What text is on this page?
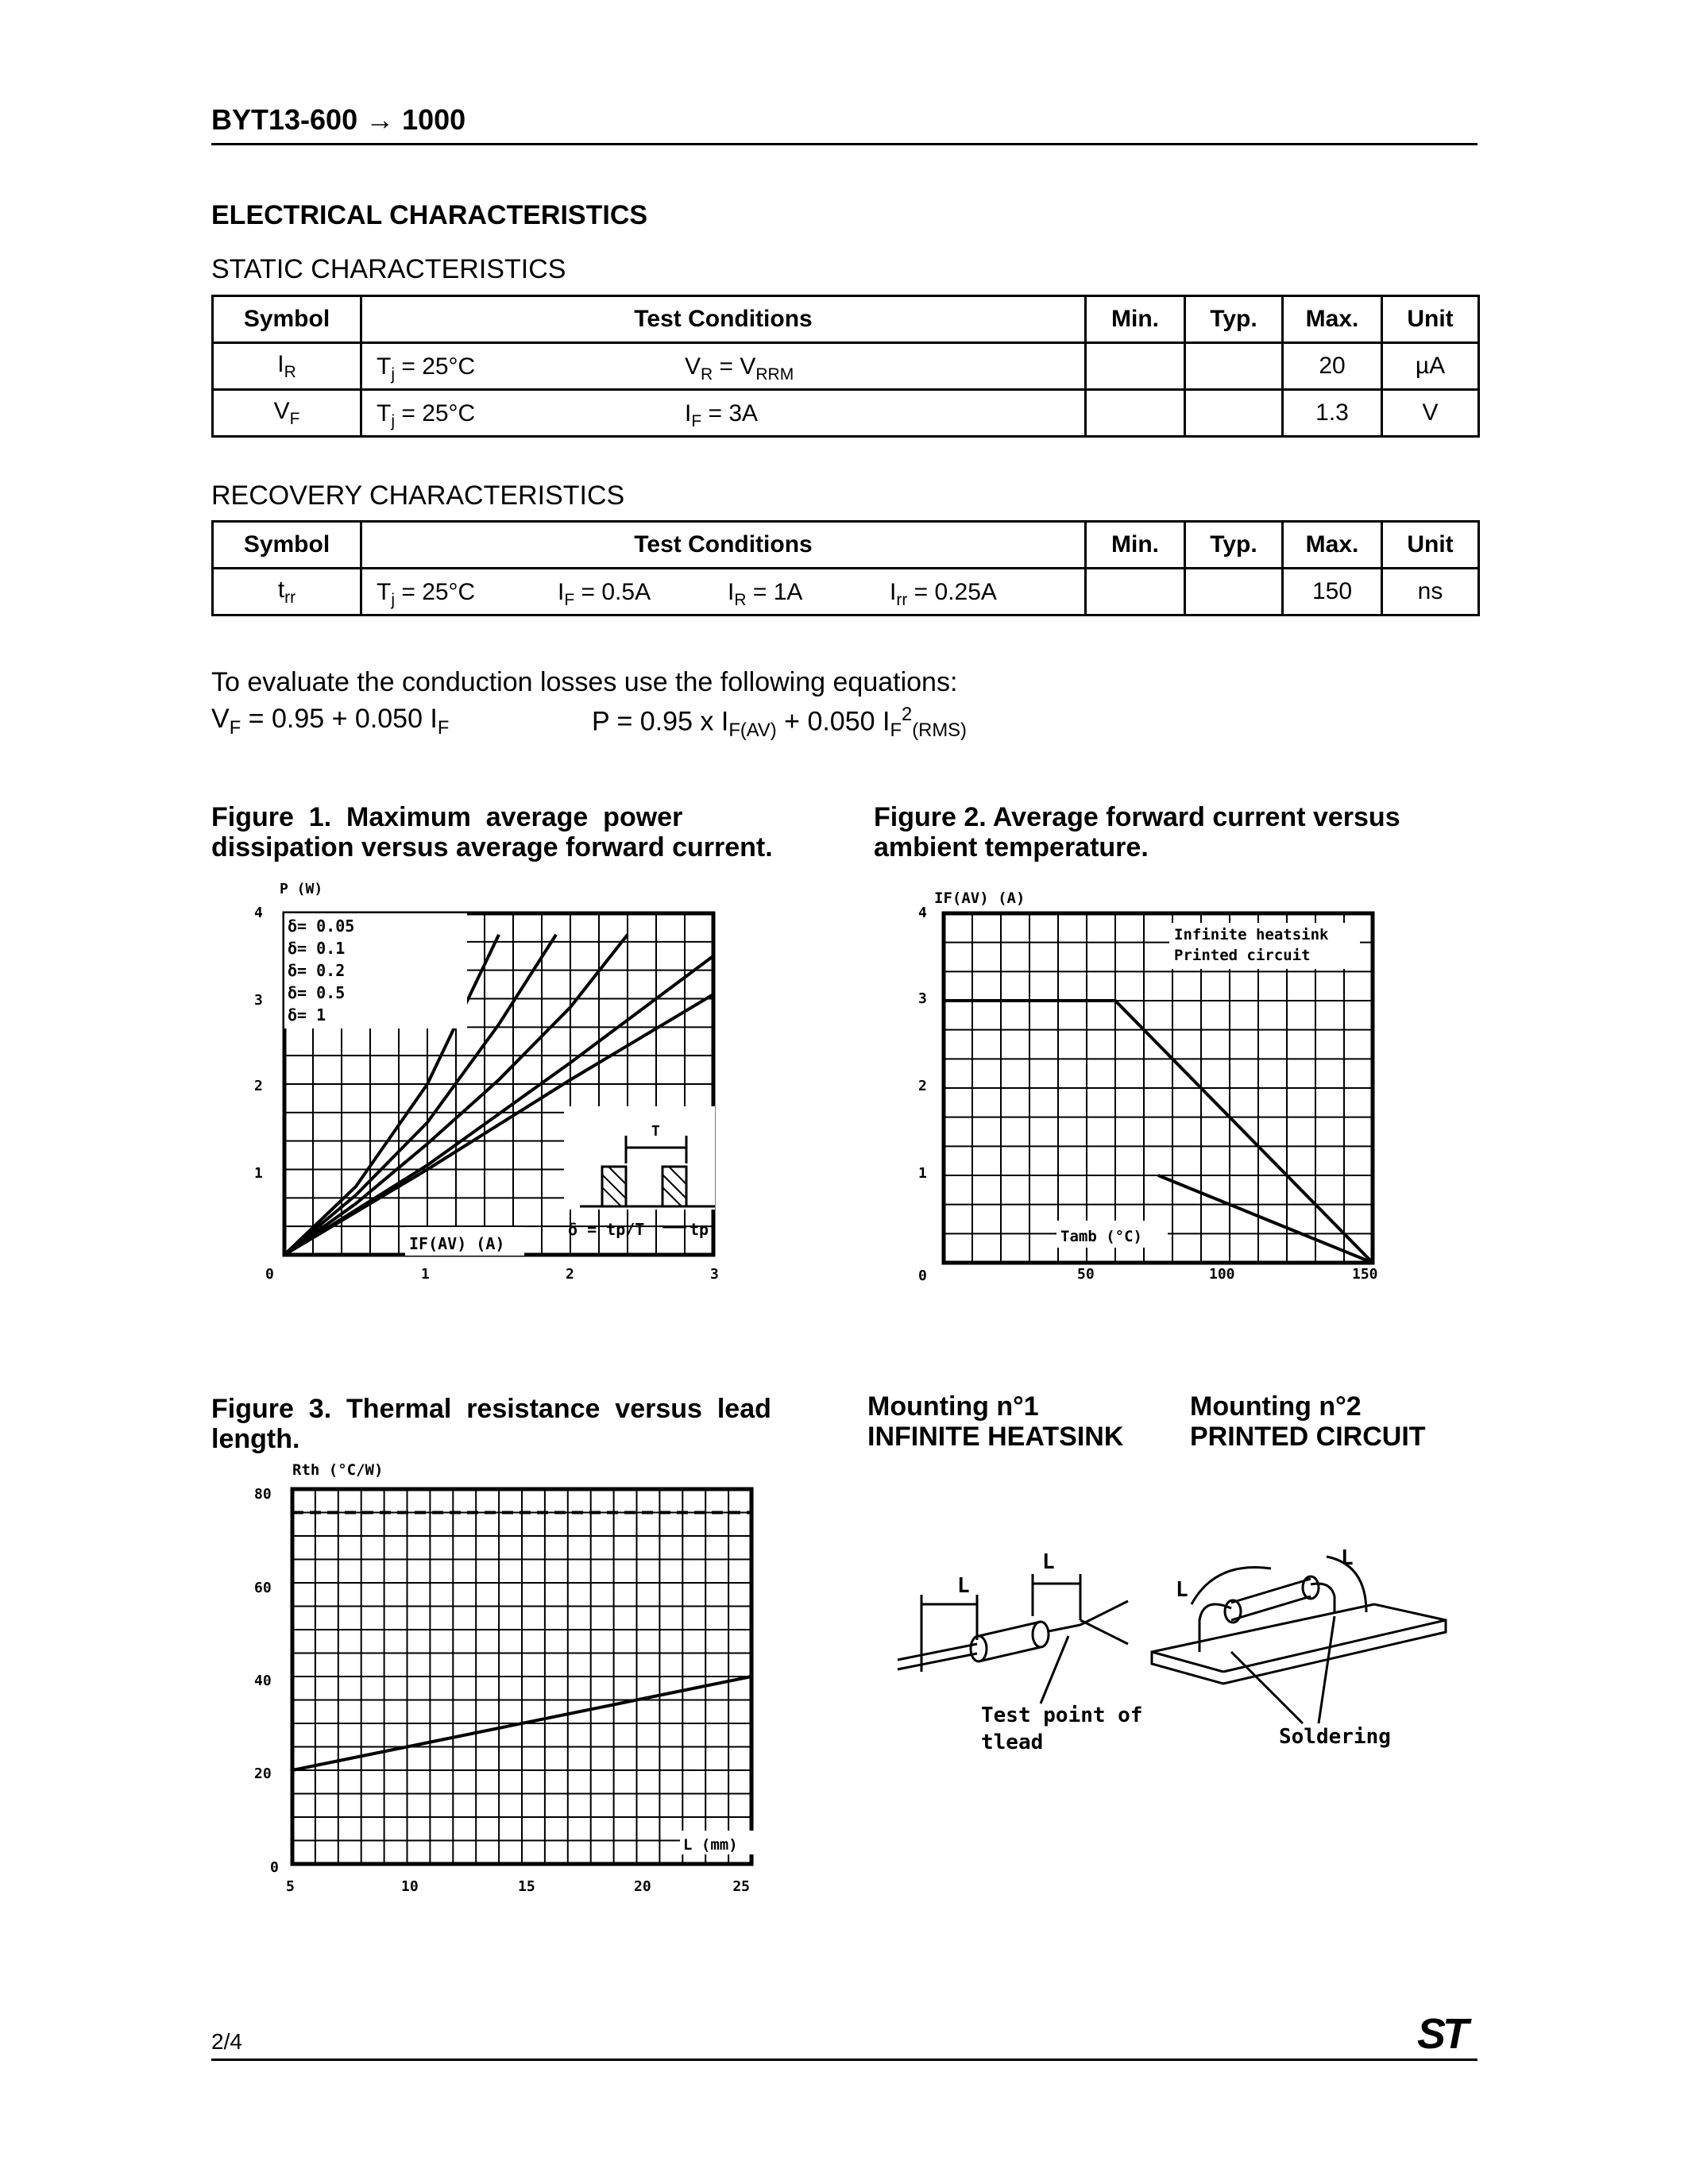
BYT13-600 → 1000
ELECTRICAL CHARACTERISTICS
STATIC CHARACTERISTICS
Symbol	Test Conditions	Min.	Typ.	Max.	Unit
$I_R$	$T_j = 25^\circ C$ $V_R = V_{RRM}$			20	µA
$V_F$	$T_j = 25^\circ C$ $I_F = 3A$			1.3	V
RECOVERY CHARACTERISTICS
Symbol	Test Conditions	Min.	Typ.	Max.	Unit
$t_{rr}$	$T_j = 25^\circ C$ $I_F = 0.5A$ $I_R = 1A$ $I_{rr} = 0.25A$			150	ns
To evaluate the conduction losses use the following equations:
$V_F = 0.95 + 0.050$ $I_F$	P = 0.95 x $I_{F(AV)} + 0.050$ $I_F^2_{(RMS)}$
Figure  1.  Maximum  average  power
dissipation versus average forward current.
Figure 2. Average forward current versus
ambient temperature.
P (W)
4
3
2
1
0	1	2	3
δ= 0.05
δ= 0.1
δ= 0.2
δ= 0.5
δ= 1
T
δ = tp/T	tp
IF(AV) (A)
IF(AV) (A)
4
3
2
1
0	50	100	150
Infinite heatsink
Printed circuit
Tamb (°C)
Figure  3.  Thermal  resistance  versus  lead
length.
Rth (°C/W)
80
60
40
20
0
5	10	15	20	25
L (mm)
Mounting n°1
INFINITE HEATSINK
Mounting n°2
PRINTED CIRCUIT
L
L
Test point of
tlead
L
L
Soldering
2/4	ST
